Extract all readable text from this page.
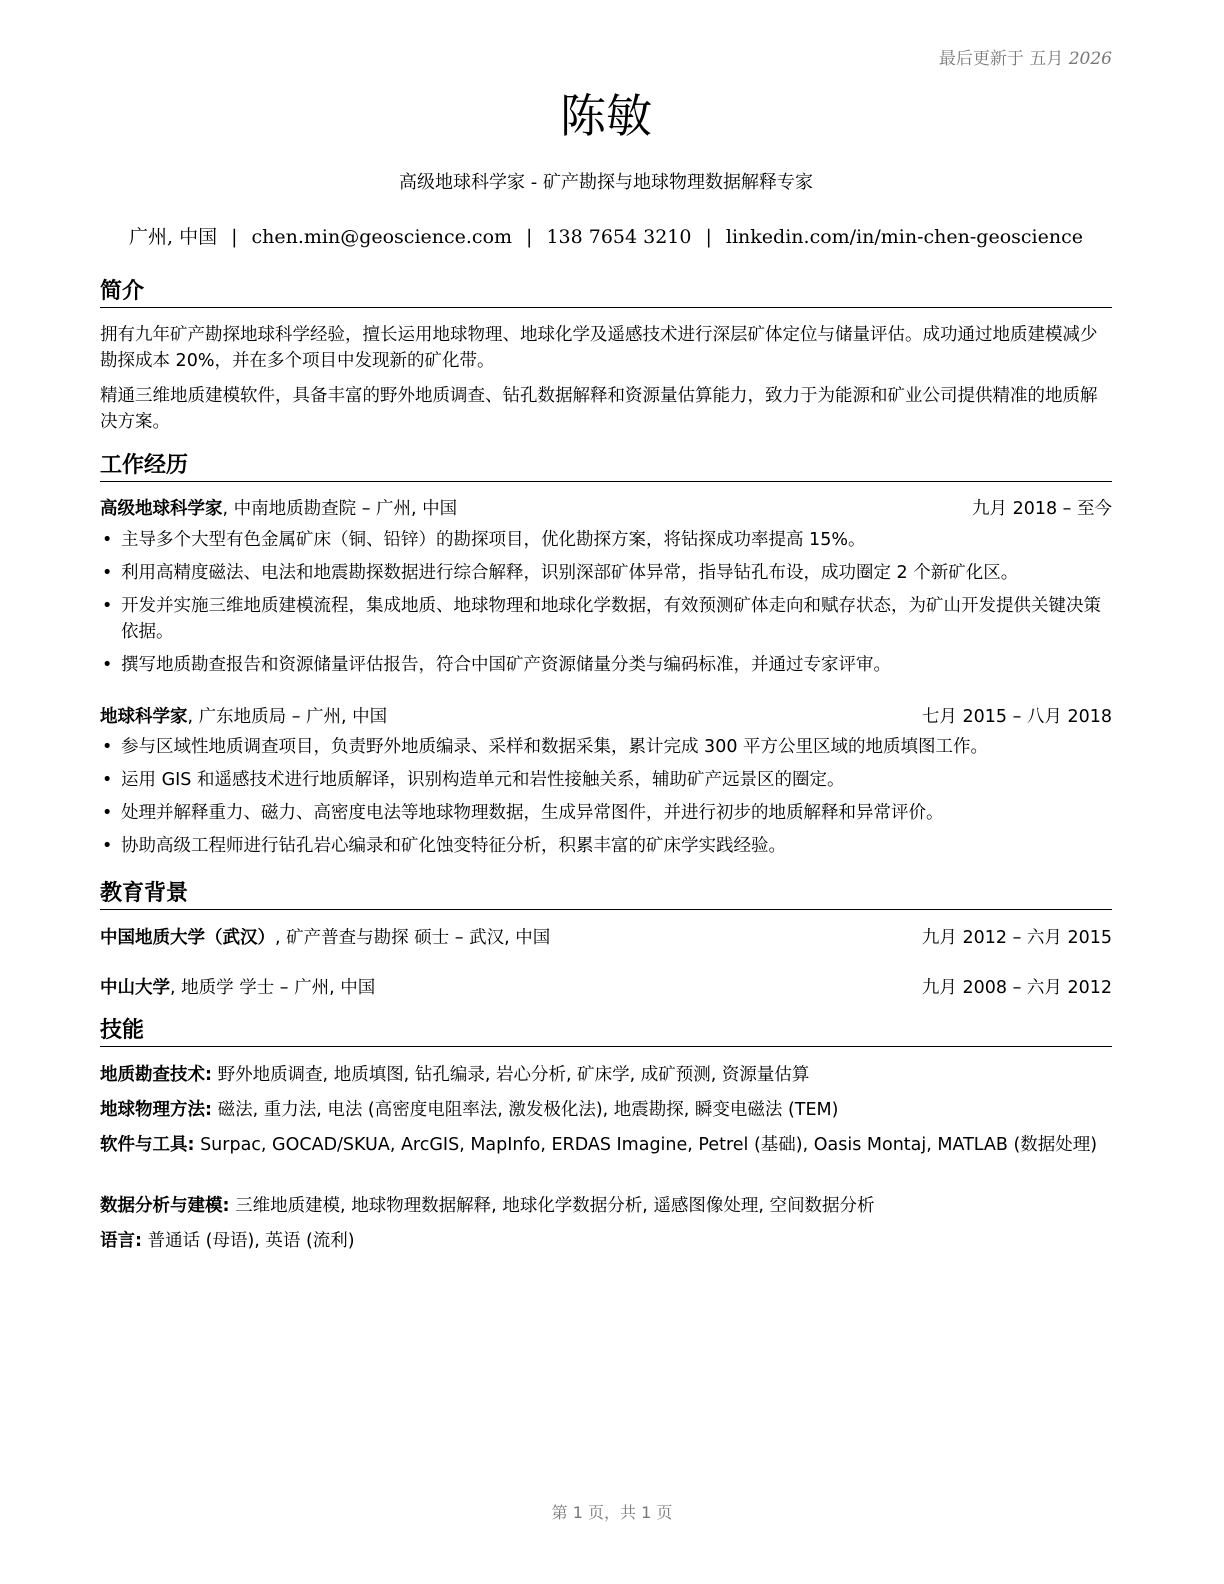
最后更新于 五月 2026
陈敏
高级地球科学家 - 矿产勘探与地球物理数据解释专家
广州, 中国 | chen.min@geoscience.com | 138 7654 3210 | linkedin.com/in/min-chen-geoscience
简介
拥有九年矿产勘探地球科学经验，擅长运用地球物理、地球化学及遥感技术进行深层矿体定位与储量评估。成功通过地质建模减少勘探成本 20%，并在多个项目中发现新的矿化带。
精通三维地质建模软件，具备丰富的野外地质调查、钻孔数据解释和资源量估算能力，致力于为能源和矿业公司提供精准的地质解决方案。
工作经历
高级地球科学家, 中南地质勘查院 – 广州, 中国	九月 2018 – 至今
• 主导多个大型有色金属矿床（铜、铅锌）的勘探项目，优化勘探方案，将钻探成功率提高 15%。
• 利用高精度磁法、电法和地震勘探数据进行综合解释，识别深部矿体异常，指导钻孔布设，成功圈定 2 个新矿化区。
• 开发并实施三维地质建模流程，集成地质、地球物理和地球化学数据，有效预测矿体走向和赋存状态，为矿山开发提供关键决策依据。
• 撰写地质勘查报告和资源储量评估报告，符合中国矿产资源储量分类与编码标准，并通过专家评审。
地球科学家, 广东地质局 – 广州, 中国	七月 2015 – 八月 2018
• 参与区域性地质调查项目，负责野外地质编录、采样和数据采集，累计完成 300 平方公里区域的地质填图工作。
• 运用 GIS 和遥感技术进行地质解译，识别构造单元和岩性接触关系，辅助矿产远景区的圈定。
• 处理并解释重力、磁力、高密度电法等地球物理数据，生成异常图件，并进行初步的地质解释和异常评价。
• 协助高级工程师进行钻孔岩心编录和矿化蚀变特征分析，积累丰富的矿床学实践经验。
教育背景
中国地质大学（武汉）, 矿产普查与勘探 硕士 – 武汉, 中国	九月 2012 – 六月 2015
中山大学, 地质学 学士 – 广州, 中国	九月 2008 – 六月 2012
技能
地质勘查技术: 野外地质调查, 地质填图, 钻孔编录, 岩心分析, 矿床学, 成矿预测, 资源量估算
地球物理方法: 磁法, 重力法, 电法 (高密度电阻率法, 激发极化法), 地震勘探, 瞬变电磁法 (TEM)
软件与工具: Surpac, GOCAD/SKUA, ArcGIS, MapInfo, ERDAS Imagine, Petrel (基础), Oasis Montaj, MATLAB (数据处理)
数据分析与建模: 三维地质建模, 地球物理数据解释, 地球化学数据分析, 遥感图像处理, 空间数据分析
语言: 普通话 (母语), 英语 (流利)
第 1 页，共 1 页
